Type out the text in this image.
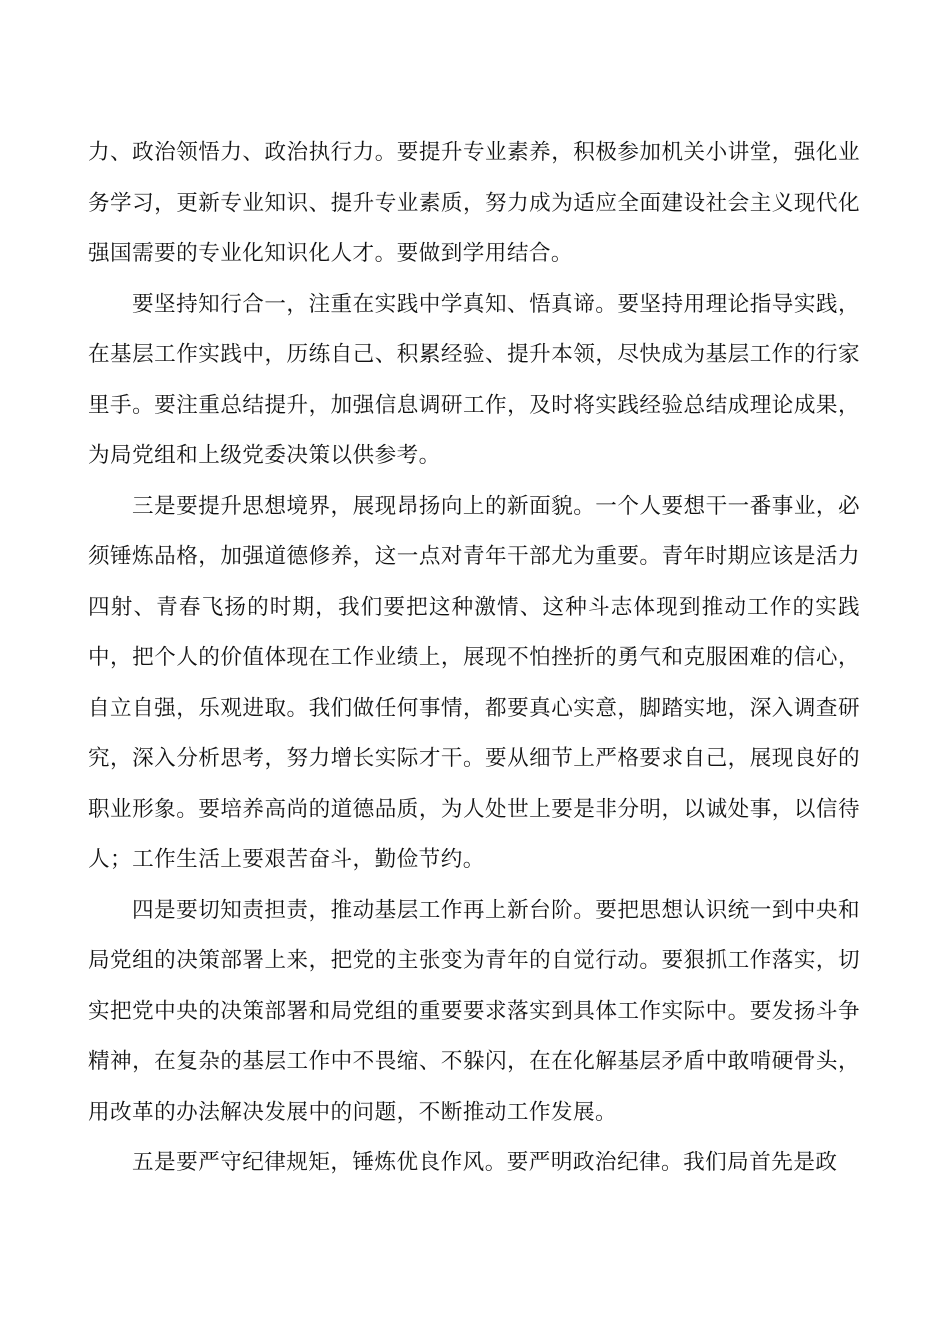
力、政治领悟力、政治执行力。要提升专业素养，积极参加机关小讲堂，强化业务学习，更新专业知识、提升专业素质，努力成为适应全面建设社会主义现代化强国需要的专业化知识化人才。要做到学用结合。

要坚持知行合一，注重在实践中学真知、悟真谛。要坚持用理论指导实践，在基层工作实践中，历练自己、积累经验、提升本领，尽快成为基层工作的行家里手。要注重总结提升，加强信息调研工作，及时将实践经验总结成理论成果，为局党组和上级党委决策以供参考。

三是要提升思想境界，展现昂扬向上的新面貌。一个人要想干一番事业，必须锤炼品格，加强道德修养，这一点对青年干部尤为重要。青年时期应该是活力四射、青春飞扬的时期，我们要把这种激情、这种斗志体现到推动工作的实践中，把个人的价值体现在工作业绩上，展现不怕挫折的勇气和克服困难的信心，自立自强，乐观进取。我们做任何事情，都要真心实意，脚踏实地，深入调查研究，深入分析思考，努力增长实际才干。要从细节上严格要求自己，展现良好的职业形象。要培养高尚的道德品质，为人处世上要是非分明，以诚处事，以信待人；工作生活上要艰苦奋斗，勤俭节约。

四是要切知责担责，推动基层工作再上新台阶。要把思想认识统一到中央和局党组的决策部署上来，把党的主张变为青年的自觉行动。要狠抓工作落实，切实把党中央的决策部署和局党组的重要要求落实到具体工作实际中。要发扬斗争精神，在复杂的基层工作中不畏缩、不躲闪，在在化解基层矛盾中敢啃硬骨头，用改革的办法解决发展中的问题，不断推动工作发展。

五是要严守纪律规矩，锤炼优良作风。要严明政治纪律。我们局首先是政
